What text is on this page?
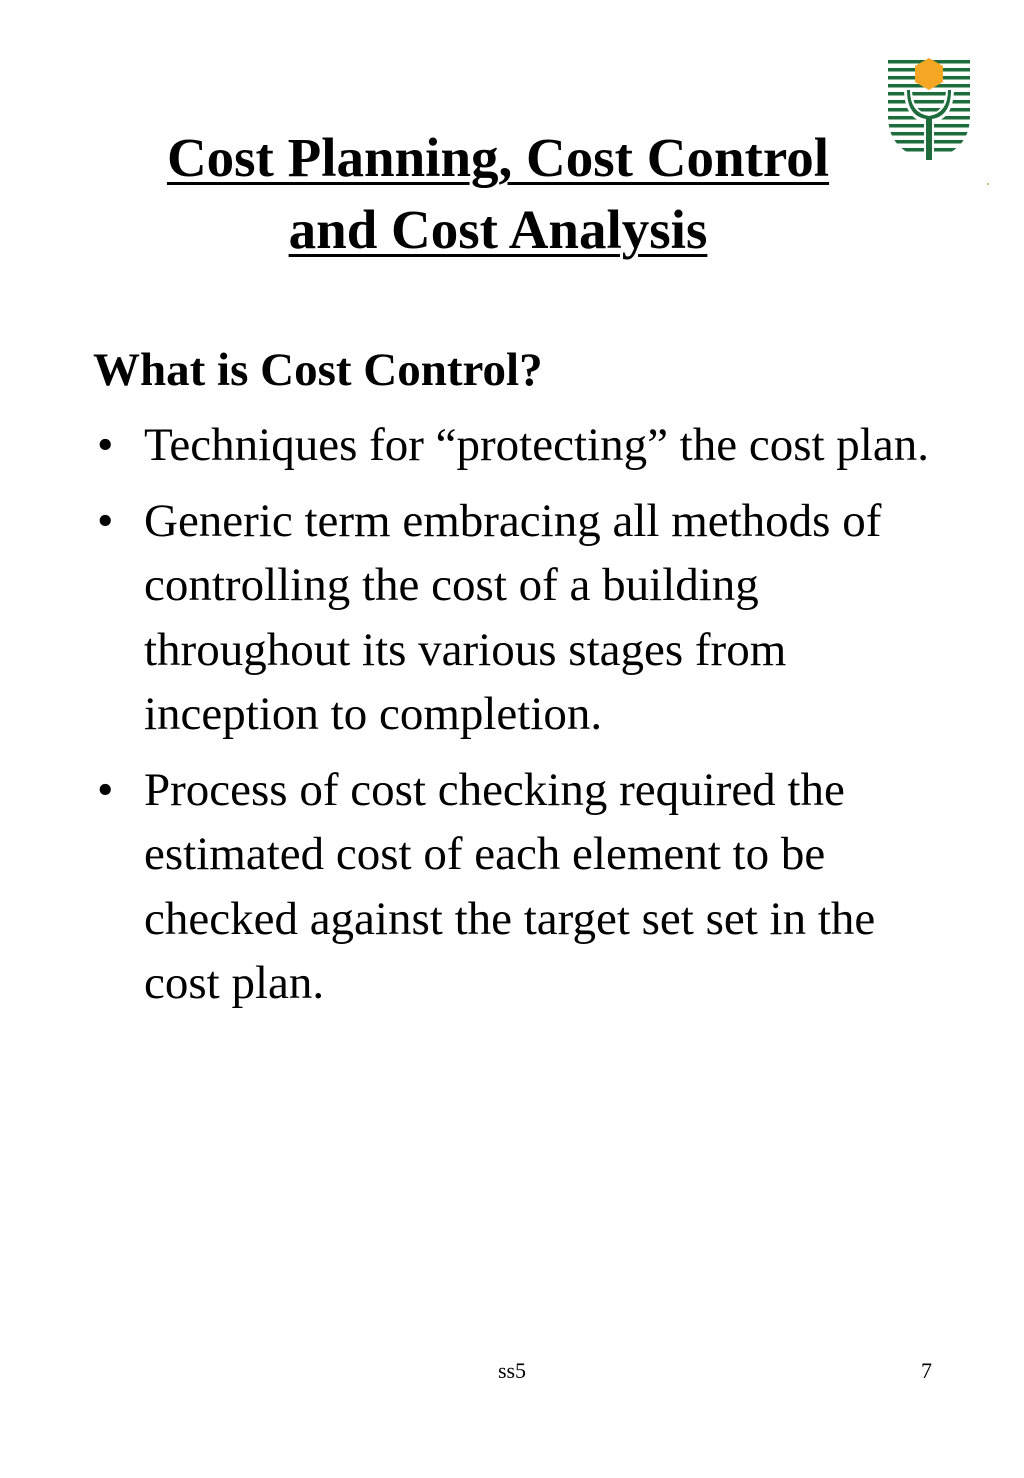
Cost Planning, Cost Control
and Cost Analysis
What is Cost Control?
• Techniques for “protecting” the cost plan.
• Generic term embracing all methods of controlling the cost of a building throughout its various stages from inception to completion.
• Process of cost checking required the estimated cost of each element to be checked against the target set set in the cost plan.
ss5	7
